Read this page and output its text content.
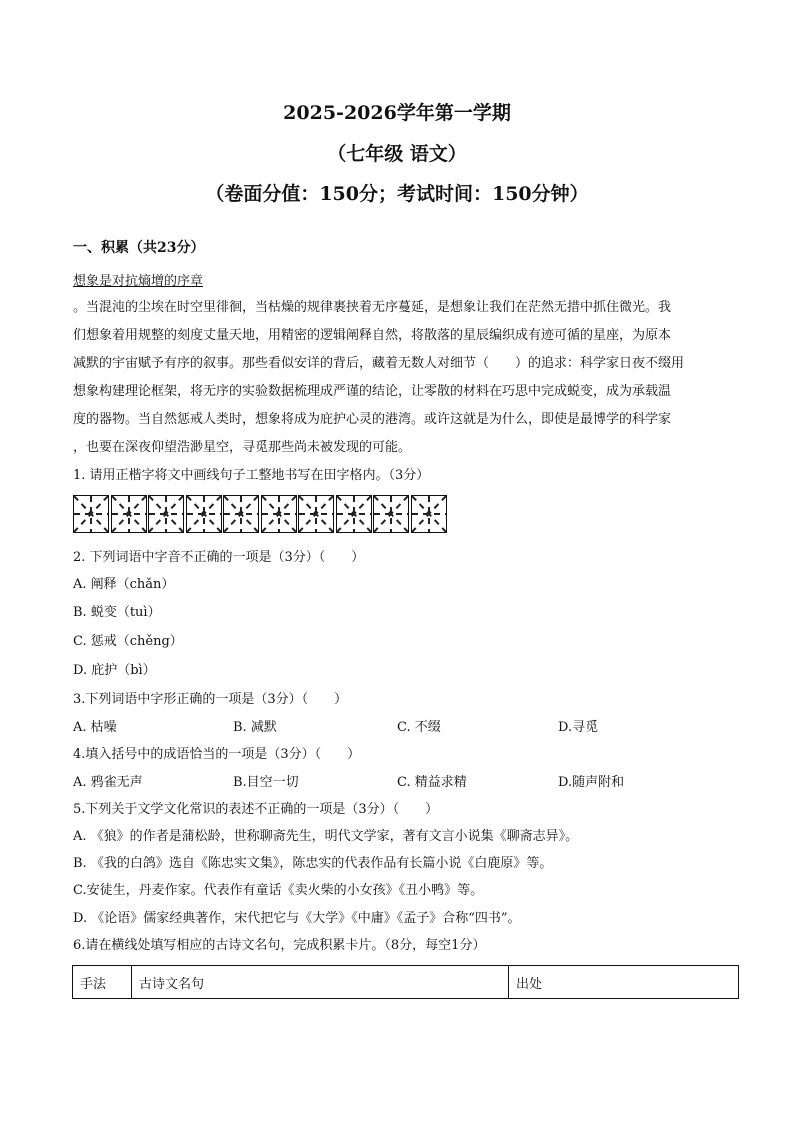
2025-2026学年第一学期
（七年级 语文）
（卷面分值：150分；考试时间：150分钟）
一、积累（共23分）
想象是对抗熵增的序章
。当混沌的尘埃在时空里徘徊，当枯燥的规律裹挟着无序蔓延，是想象让我们在茫然无措中抓住微光。我
们想象着用规整的刻度丈量天地，用精密的逻辑阐释自然，将散落的星辰编织成有迹可循的星座，为原本
减默的宇宙赋予有序的叙事。那些看似安详的背后，藏着无数人对细节（　　）的追求：科学家日夜不缀用
想象构建理论框架，将无序的实验数据梳理成严谨的结论，让零散的材料在巧思中完成蜕变，成为承载温
度的器物。当自然惩戒人类时，想象将成为庇护心灵的港湾。或许这就是为什么，即使是最博学的科学家
，也要在深夜仰望浩渺星空，寻觅那些尚未被发现的可能。
1. 请用正楷字将文中画线句子工整地书写在田字格内。（3分）
2. 下列词语中字音不正确的一项是（3分）（　　）
A. 阐释（chǎn）
B. 蜕变（tuì）
C. 惩戒（chěng）
D. 庇护（bì）
3.下列词语中字形正确的一项是（3分）（　　）
A. 枯噪	B. 减默	C. 不缀	D.寻觅
4.填入括号中的成语恰当的一项是（3分）（　　）
A. 鸦雀无声	B.目空一切	C. 精益求精	D.随声附和
5.下列关于文学文化常识的表述不正确的一项是（3分）（　　）
A. 《狼》的作者是蒲松龄，世称聊斋先生，明代文学家，著有文言小说集《聊斋志异》。
B. 《我的白鸽》选自《陈忠实文集》，陈忠实的代表作品有长篇小说《白鹿原》等。
C.安徒生，丹麦作家。代表作有童话《卖火柴的小女孩》《丑小鸭》等。
D. 《论语》儒家经典著作，宋代把它与《大学》《中庸》《孟子》合称“四书”。
6.请在横线处填写相应的古诗文名句，完成积累卡片。（8分，每空1分）
手法	古诗文名句	出处
